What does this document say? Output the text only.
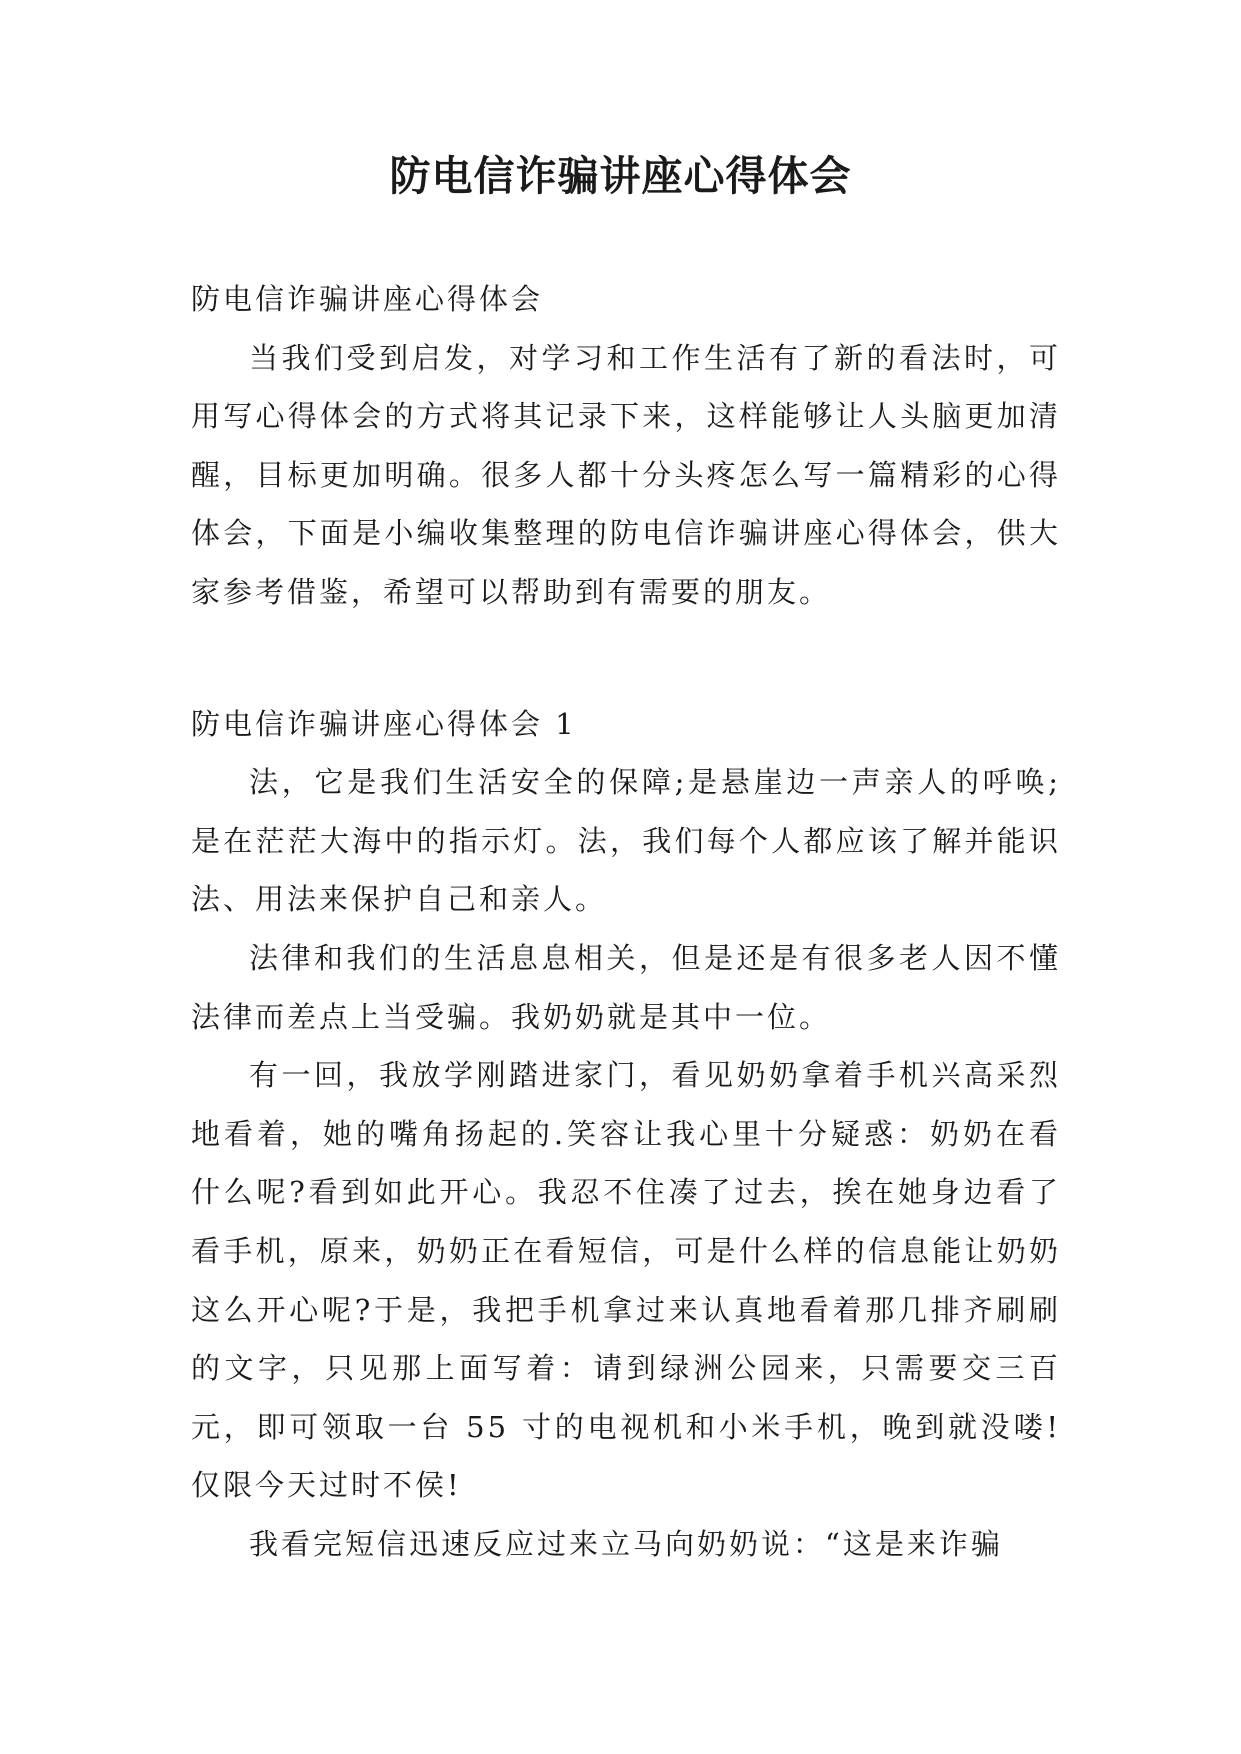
防电信诈骗讲座心得体会

防电信诈骗讲座心得体会

当我们受到启发，对学习和工作生活有了新的看法时，可用写心得体会的方式将其记录下来，这样能够让人头脑更加清醒，目标更加明确。很多人都十分头疼怎么写一篇精彩的心得体会，下面是小编收集整理的防电信诈骗讲座心得体会，供大家参考借鉴，希望可以帮助到有需要的朋友。

防电信诈骗讲座心得体会 1

法，它是我们生活安全的保障;是悬崖边一声亲人的呼唤;是在茫茫大海中的指示灯。法，我们每个人都应该了解并能识法、用法来保护自己和亲人。

法律和我们的生活息息相关，但是还是有很多老人因不懂法律而差点上当受骗。我奶奶就是其中一位。

有一回，我放学刚踏进家门，看见奶奶拿着手机兴高采烈地看着，她的嘴角扬起的.笑容让我心里十分疑惑：奶奶在看什么呢?看到如此开心。我忍不住凑了过去，挨在她身边看了看手机，原来，奶奶正在看短信，可是什么样的信息能让奶奶这么开心呢?于是，我把手机拿过来认真地看着那几排齐刷刷的文字，只见那上面写着：请到绿洲公园来，只需要交三百元，即可领取一台 55 寸的电视机和小米手机，晚到就没喽!仅限今天过时不侯!

我看完短信迅速反应过来立马向奶奶说：“这是来诈骗
